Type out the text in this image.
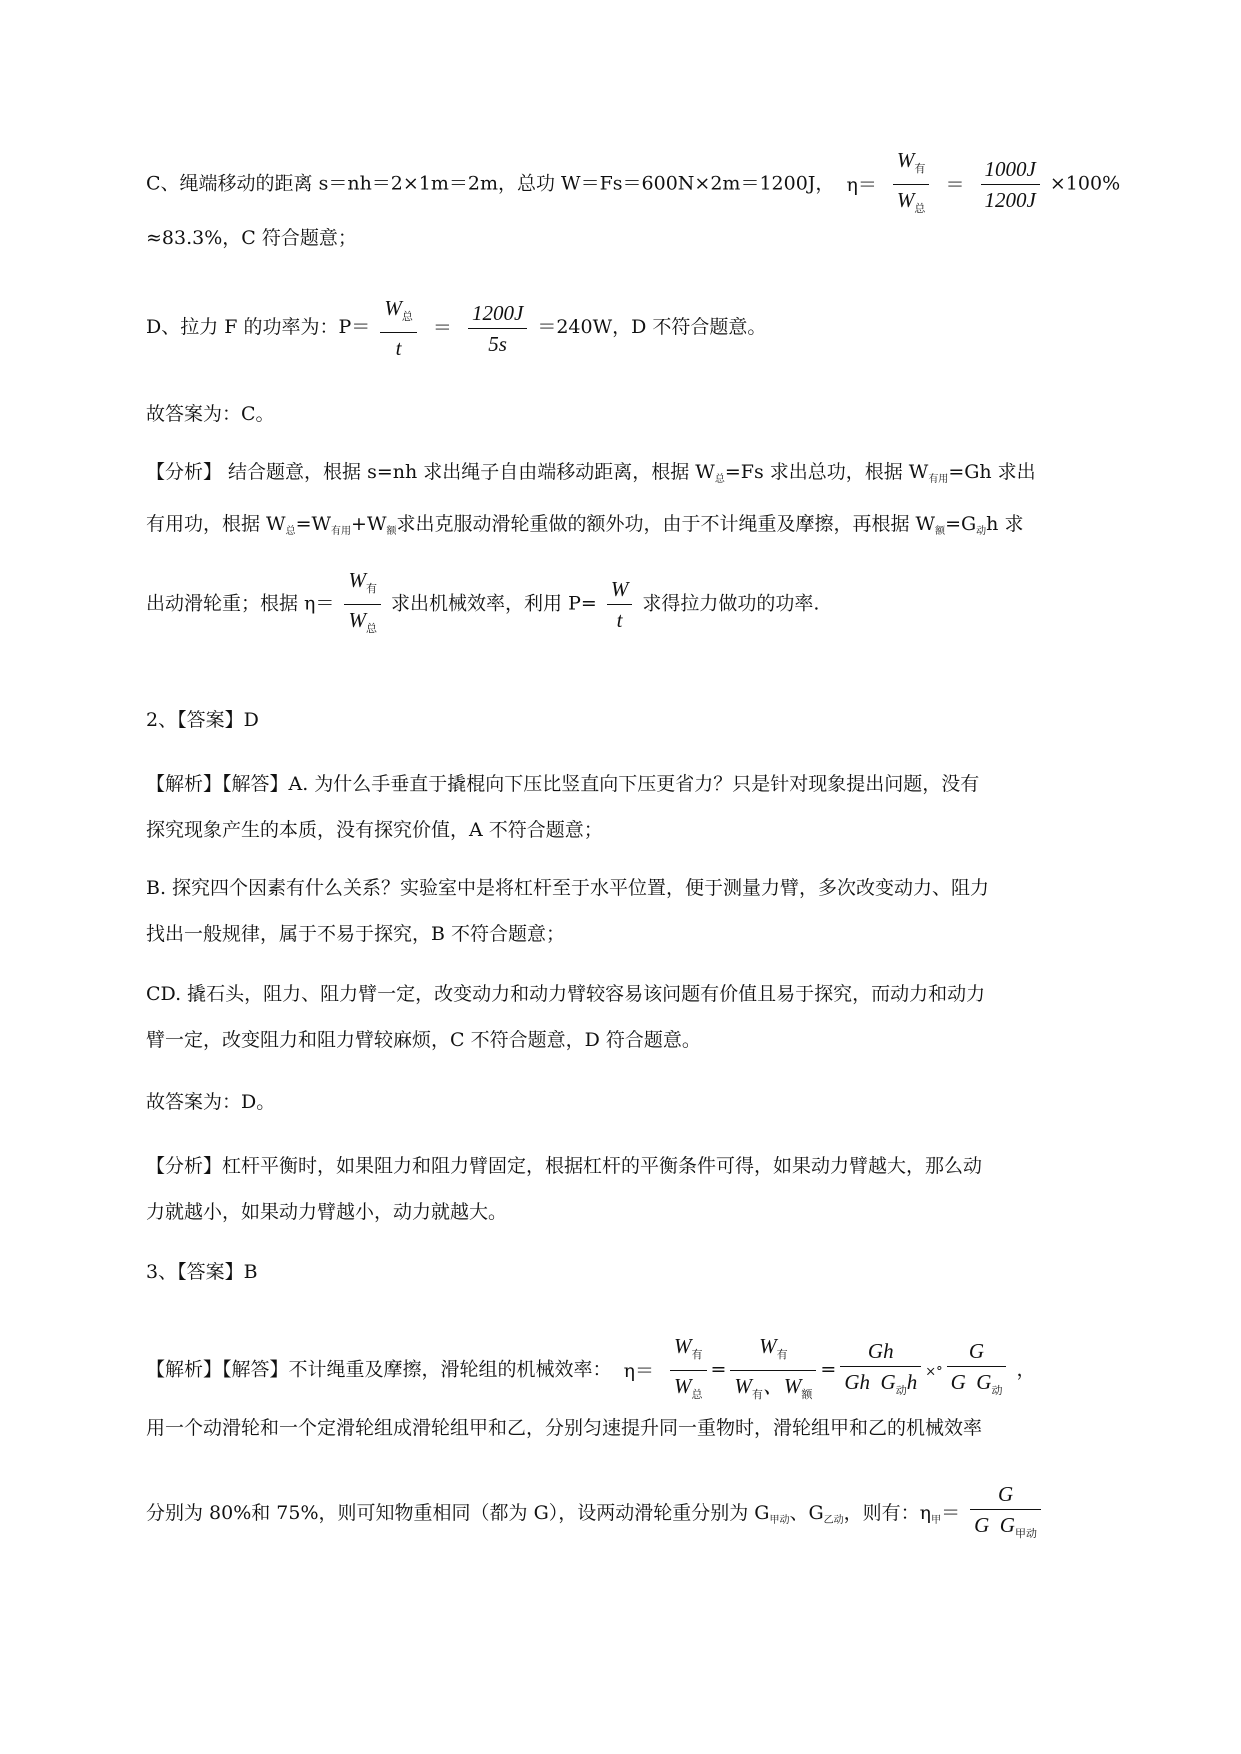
C、绳端移动的距离 s＝nh＝2×1m＝2m，总功 W＝Fs＝600N×2m＝1200J， $\eta= \frac{W_有}{W_总} = \frac{1000J}{1200J} \times 100\%$
≈83.3%，C 符合题意；
D、拉力 F 的功率为：$P= \frac{W_总}{t} = \frac{1200J}{5s} =240W$，D 不符合题意。
故答案为：C。
【分析】 结合题意，根据 s=nh 求出绳子自由端移动距离，根据 $W_总=Fs$ 求出总功，根据 $W_{有用}=Gh$ 求出
有用功，根据 $W_总=W_{有用}+W_额$求出克服动滑轮重做的额外功，由于不计绳重及摩擦，再根据 $W_额=G_动h$ 求
出动滑轮重；根据 $\eta= \frac{W_有}{W_总}$ 求出机械效率，利用 $P= \frac{W}{t}$ 求得拉力做功的功率.
2、【答案】D
【解析】【解答】A. 为什么手垂直于撬棍向下压比竖直向下压更省力？只是针对现象提出问题，没有
探究现象产生的本质，没有探究价值，A 不符合题意；
B. 探究四个因素有什么关系？实验室中是将杠杆至于水平位置，便于测量力臂，多次改变动力、阻力
找出一般规律，属于不易于探究，B 不符合题意；
CD. 撬石头，阻力、阻力臂一定，改变动力和动力臂较容易该问题有价值且易于探究，而动力和动力
臂一定，改变阻力和阻力臂较麻烦，C 不符合题意，D 符合题意。
故答案为：D。
【分析】杠杆平衡时，如果阻力和阻力臂固定，根据杠杆的平衡条件可得，如果动力臂越大，那么动
力就越小，如果动力臂越小，动力就越大。
3、【答案】B
【解析】【解答】不计绳重及摩擦，滑轮组的机械效率： $\eta= \frac{W_有}{W_总} = \frac{W_有}{W_有、W_额} = \frac{Gh}{Gh G_动h}$ ×° $\frac{G}{G G_动}$ ，
用一个动滑轮和一个定滑轮组成滑轮组甲和乙，分别匀速提升同一重物时，滑轮组甲和乙的机械效率
分别为 80%和 75%，则可知物重相同（都为 G），设两动滑轮重分别为 $G_{甲动}$、$G_{乙动}$，则有：$\eta_甲= \frac{G}{G G_{甲动}}$
